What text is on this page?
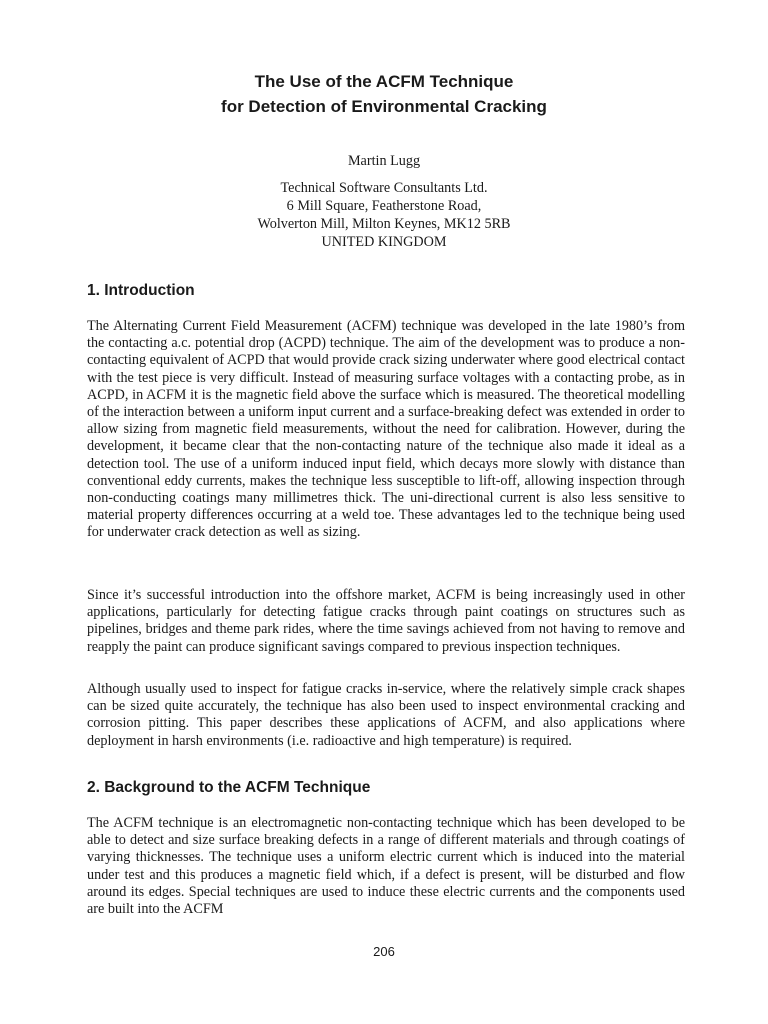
The Use of the ACFM Technique

for Detection of Environmental Cracking

Martin Lugg
Technical Software Consultants Ltd.
6 Mill Square, Featherstone Road,
Wolverton Mill, Milton Keynes, MK12 5RB
UNITED KINGDOM
1. Introduction

The Alternating Current Field Measurement (ACFM) technique was developed in the late 1980’s from the contacting a.c. potential drop (ACPD) technique. The aim of the development was to produce a non-contacting equivalent of ACPD that would provide crack sizing underwater where good electrical contact with the test piece is very difficult. Instead of measuring surface voltages with a contacting probe, as in ACPD, in ACFM it is the magnetic field above the surface which is measured. The theoretical modelling of the interaction between a uniform input current and a surface-breaking defect was extended in order to allow sizing from magnetic field measurements, without the need for calibration. However, during the development, it became clear that the non-contacting nature of the technique also made it ideal as a detection tool. The use of a uniform induced input field, which decays more slowly with distance than conventional eddy currents, makes the technique less susceptible to lift-off, allowing inspection through non-conducting coatings many millimetres thick. The uni-directional current is also less sensitive to material property differences occurring at a weld toe. These advantages led to the technique being used for underwater crack detection as well as sizing.

Since it’s successful introduction into the offshore market, ACFM is being increasingly used in other applications, particularly for detecting fatigue cracks through paint coatings on structures such as pipelines, bridges and theme park rides, where the time savings achieved from not having to remove and reapply the paint can produce significant savings compared to previous inspection techniques.

Although usually used to inspect for fatigue cracks in-service, where the relatively simple crack shapes can be sized quite accurately, the technique has also been used to inspect environmental cracking and corrosion pitting. This paper describes these applications of ACFM, and also applications where deployment in harsh environments (i.e. radioactive and high temperature) is required.

2. Background to the ACFM Technique

The ACFM technique is an electromagnetic non-contacting technique which has been developed to be able to detect and size surface breaking defects in a range of different materials and through coatings of varying thicknesses. The technique uses a uniform electric current which is induced into the material under test and this produces a magnetic field which, if a defect is present, will be disturbed and flow around its edges. Special techniques are used to induce these electric currents and the components used are built into the ACFM

206
